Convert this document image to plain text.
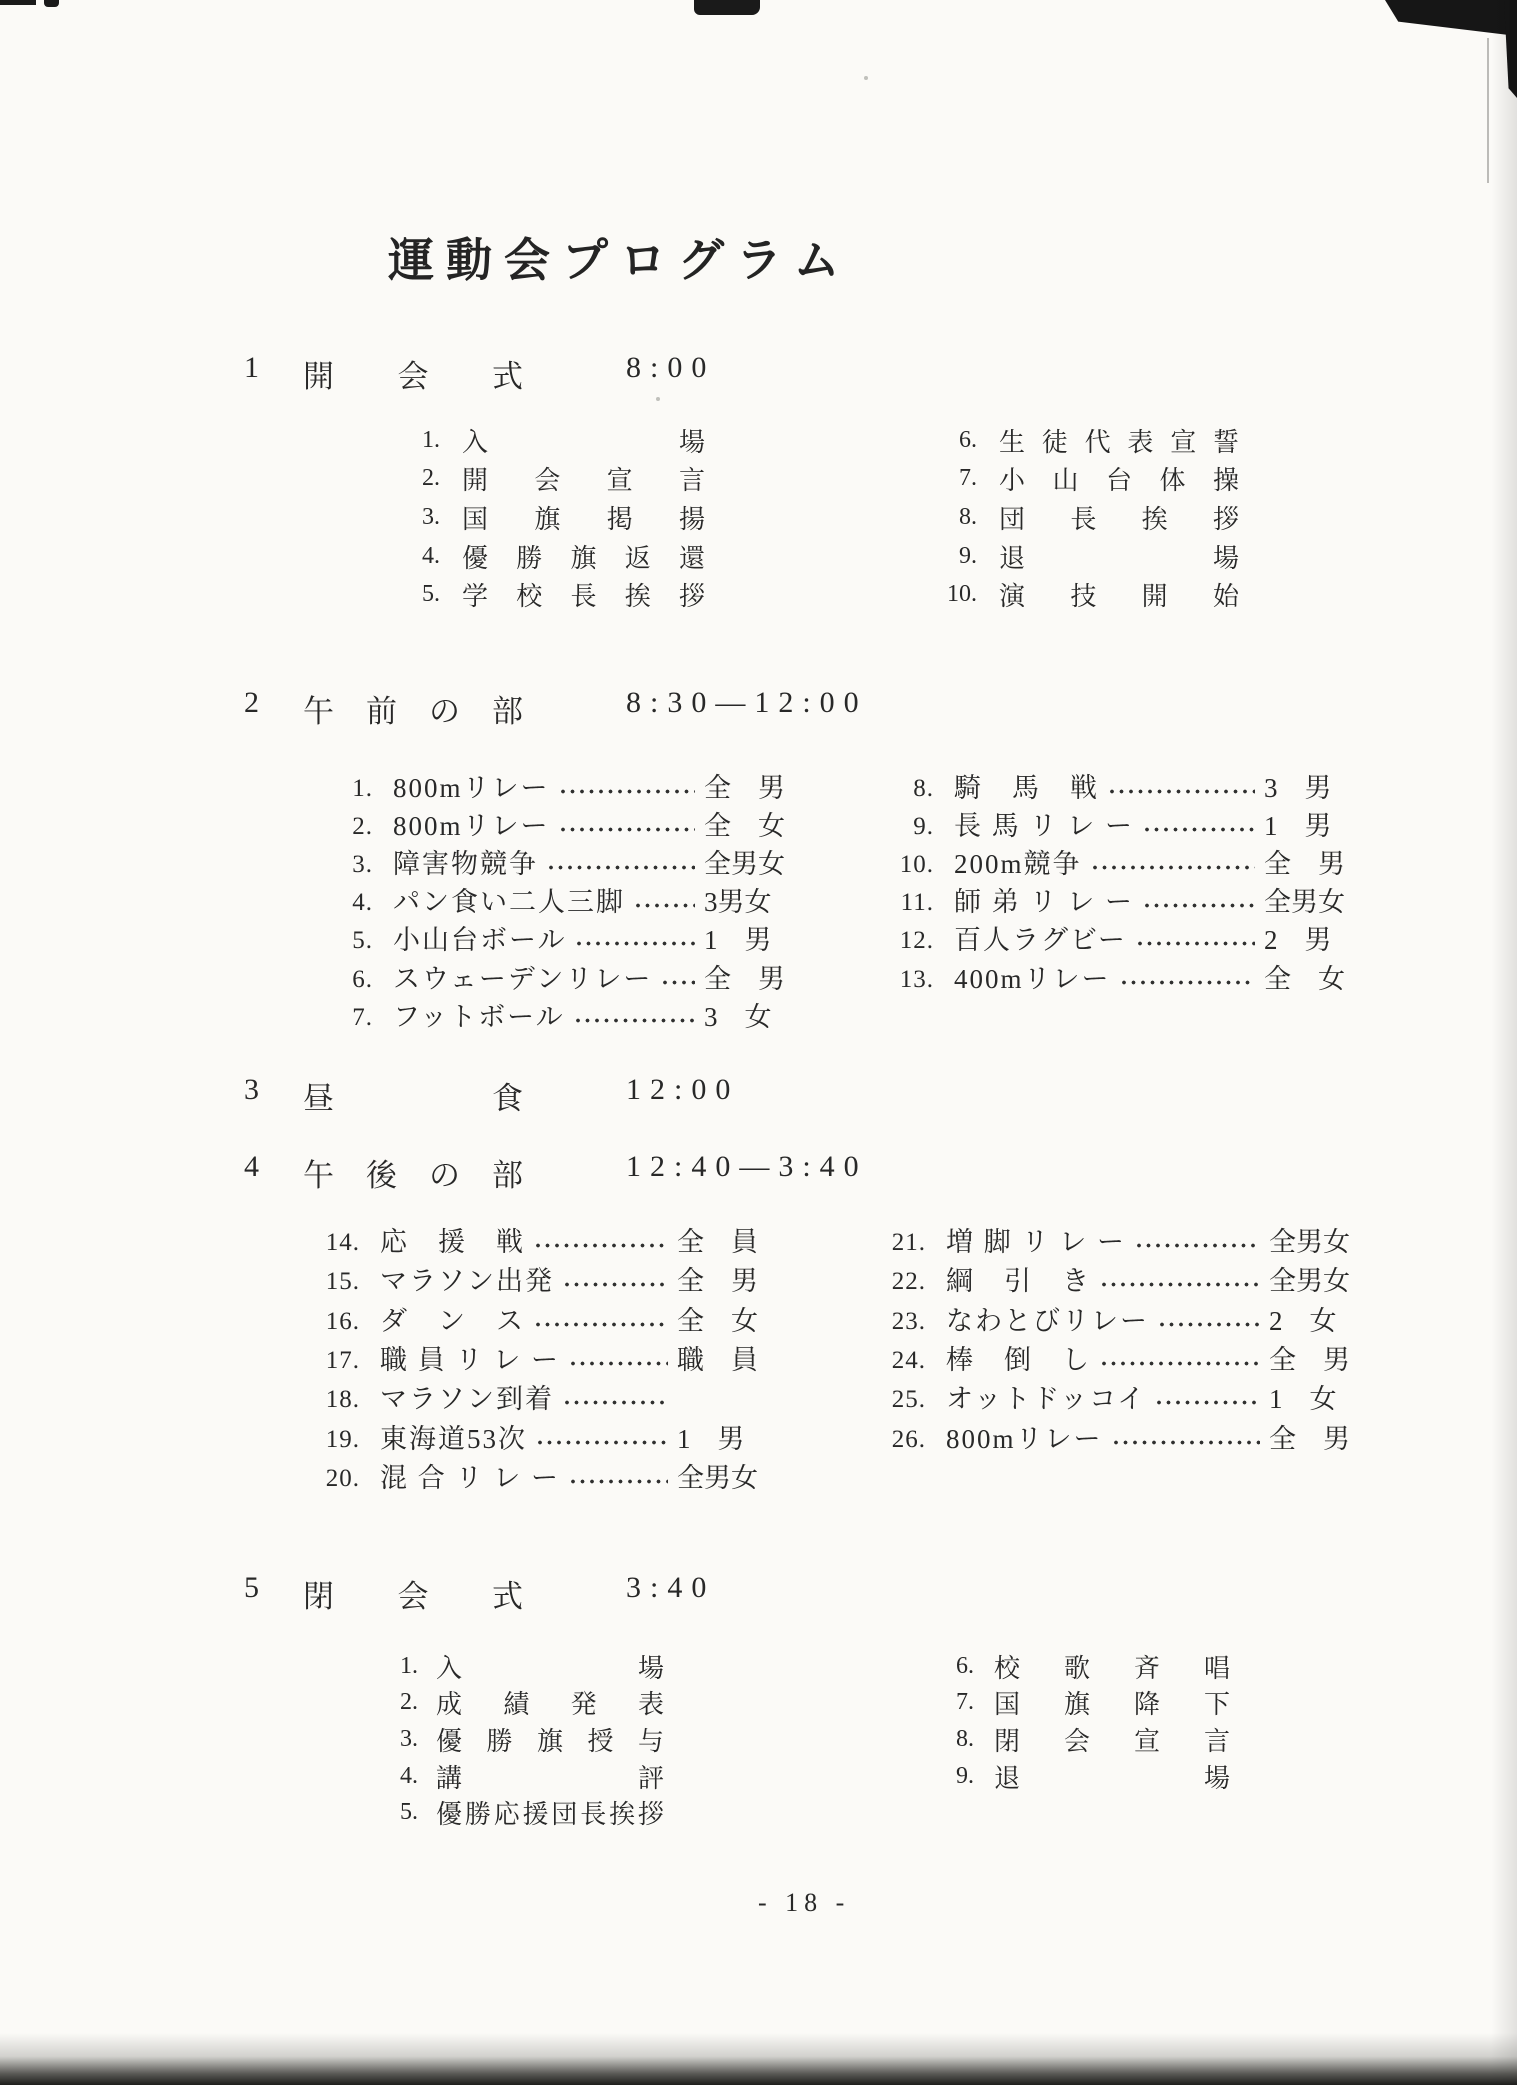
運動会プログラム
1 開 会 式	8:00
1. 入	場
2. 開 会 宣 言
3. 国 旗 掲 揚
4. 優 勝 旗 返 還
5. 学 校 長 挨 拶
6. 生 徒 代 表 宣 誓
7. 小 山 台 体 操
8. 団 長 挨 拶
9. 退	場
10. 演 技 開 始
2 午 前 の 部	8:30—12:00
1. 800mリレー	全　男
2. 800mリレー	全　女
3. 障害物競争	全男女
4. パン食い二人三脚	3男女
5. 小山台ボール	1　男
6. スウェーデンリレー 全　男
7. フットボール	3　女
8. 騎　馬　戦	3　男
9. 長 馬 リ レ ー	1　男
10. 200m競争	全　男
11. 師 弟 リ レ ー	全男女
12. 百人ラグビー	2　男
13. 400mリレー	全　女
3 昼	食	12:00
4 午 後 の 部	12:40—3:40
14. 応　援　戦	全　員
15. マラソン出発	全　男
16. ダ　ン　ス	全　女
17. 職 員 リ レ ー	職　員
18. マラソン到着
19. 東海道53次	1　男
20. 混 合 リ レ ー	全男女
21. 増 脚 リ レ ー	全男女
22. 綱　引　き	全男女
23. なわとびリレー	2　女
24. 棒　倒　し	全　男
25. オットドッコイ	1　女
26. 800mリレー	全　男
5 閉 会 式	3:40
1. 入	場
2. 成 績 発 表
3. 優 勝 旗 授 与
4. 講	評
5. 優 勝 応 援 団 長 挨 拶
6. 校 歌 斉 唱
7. 国 旗 降 下
8. 閉 会 宣 言
9. 退	場
- 18 -
